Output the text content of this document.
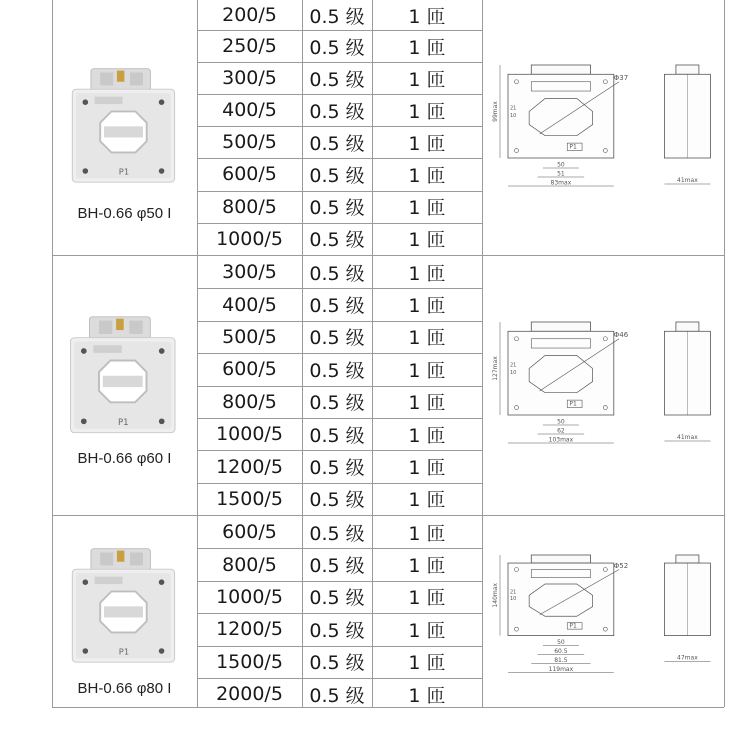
200/5	0.5 级	1 匝
250/5	0.5 级	1 匝
300/5	0.5 级	1 匝
400/5	0.5 级	1 匝
500/5	0.5 级	1 匝
600/5	0.5 级	1 匝
800/5	0.5 级	1 匝
1000/5	0.5 级	1 匝
BH-0.66 φ50 I
P1
P1
Φ37
99max 10
21
50
51
83max	41max
300/5	0.5 级	1 匝
400/5	0.5 级	1 匝
500/5	0.5 级	1 匝
600/5	0.5 级	1 匝
800/5	0.5 级	1 匝
1000/5	0.5 级	1 匝
1200/5	0.5 级	1 匝
1500/5	0.5 级	1 匝
BH-0.66 φ60 I
P1
P1
Φ46
127max 10
21
50
62
103max	41max
600/5	0.5 级	1 匝
800/5	0.5 级	1 匝
1000/5	0.5 级	1 匝
1200/5	0.5 级	1 匝
1500/5	0.5 级	1 匝
2000/5	0.5 级	1 匝
BH-0.66 φ80 I
P1
P1
Φ52
140max 10
21
50
60.5
81.5
119max
47max
